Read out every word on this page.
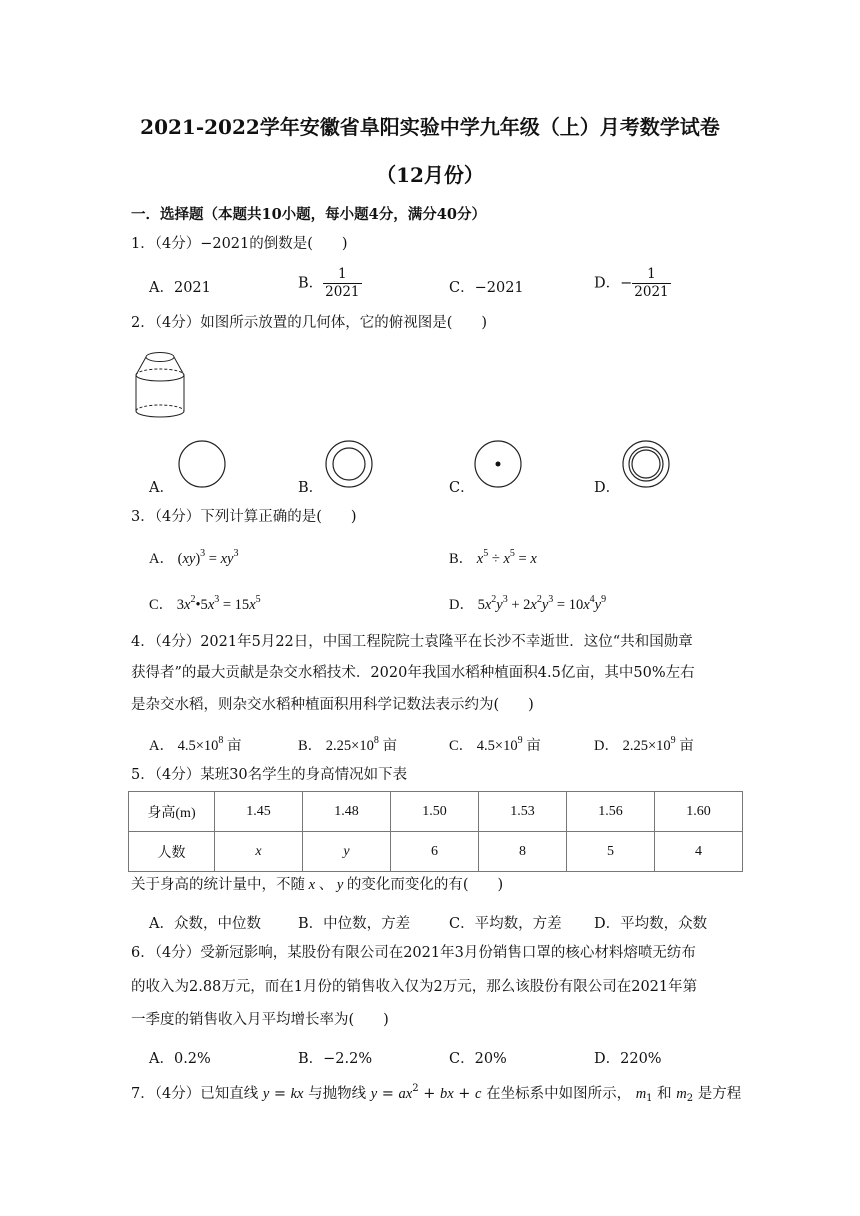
2021-2022学年安徽省阜阳实验中学九年级（上）月考数学试卷
（12月份）
一．选择题（本题共10小题，每小题4分，满分40分）
1．（4分）−2021的倒数是(　　)
A．2021	B． $\frac{1}{2021}$	C．−2021	D．− $\frac{1}{2021}$
2．（4分）如图所示放置的几何体，它的俯视图是(　　)
A．	B．	C．	D．
3．（4分）下列计算正确的是(　　)
A． $(xy)^3 = xy^3$	B． $x^5 \div x^5 = x$
C． $3x^2•5x^3 = 15x^5$	D． $5x^2y^3 + 2x^2y^3 = 10x^4y^9$
4．（4分）2021年5月22日，中国工程院院士袁隆平在长沙不幸逝世．这位“共和国勋章
获得者”的最大贡献是杂交水稻技术．2020年我国水稻种植面积4.5亿亩，其中50%左右
是杂交水稻，则杂交水稻种植面积用科学记数法表示约为(　　)
A． $4.5\times 10^8$ 亩	B． $2.25\times 10^8$ 亩	C． $4.5\times 10^9$ 亩	D． $2.25\times 10^9$ 亩
5．（4分）某班30名学生的身高情况如下表
身高(m)	1.45	1.48	1.50	1.53	1.56	1.60
人数	x	y	6	8	5	4
关于身高的统计量中，不随 x 、 y 的变化而变化的有(　　)
A．众数，中位数	B．中位数，方差	C．平均数，方差 D．平均数，众数
6．（4分）受新冠影响，某股份有限公司在2021年3月份销售口罩的核心材料熔喷无纺布
的收入为2.88万元，而在1月份的销售收入仅为2万元，那么该股份有限公司在2021年第
一季度的销售收入月平均增长率为(　　)
A．0.2%	B．−2.2%	C．20%	D．220%
7．（4分）已知直线 y = kx 与抛物线 $y = ax^2$ + bx + c 在坐标系中如图所示， $m_1$ 和 $m_2$ 是方程
